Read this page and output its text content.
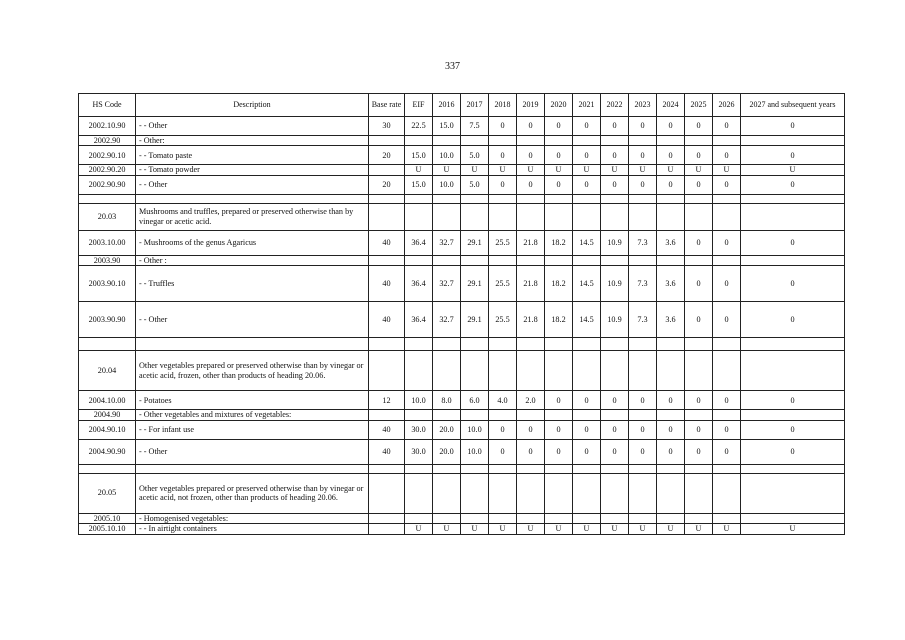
337
HS Code	Description	Base rate	EIF	2016	2017	2018	2019	2020	2021	2022	2023	2024	2025	2026	2027 and subsequent years
2002.10.90	- - Other	30	22.5	15.0	7.5	0	0	0	0	0	0	0	0	0	0
2002.90	- Other:														
2002.90.10	- - Tomato paste	20	15.0	10.0	5.0	0	0	0	0	0	0	0	0	0	0
2002.90.20	- - Tomato powder		U	U	U	U	U	U	U	U	U	U	U	U	U
2002.90.90	- - Other	20	15.0	10.0	5.0	0	0	0	0	0	0	0	0	0	0

20.03	Mushrooms and truffles, prepared or preserved otherwise than by vinegar or acetic acid.														
2003.10.00	- Mushrooms of the genus Agaricus	40	36.4	32.7	29.1	25.5	21.8	18.2	14.5	10.9	7.3	3.6	0	0	0
2003.90	- Other :														
2003.90.10	- - Truffles	40	36.4	32.7	29.1	25.5	21.8	18.2	14.5	10.9	7.3	3.6	0	0	0
2003.90.90	- - Other	40	36.4	32.7	29.1	25.5	21.8	18.2	14.5	10.9	7.3	3.6	0	0	0

20.04	Other vegetables prepared or preserved otherwise than by vinegar or acetic acid, frozen, other than products of heading 20.06.														
2004.10.00	- Potatoes	12	10.0	8.0	6.0	4.0	2.0	0	0	0	0	0	0	0	0
2004.90	- Other vegetables and mixtures of vegetables:														
2004.90.10	- - For infant use	40	30.0	20.0	10.0	0	0	0	0	0	0	0	0	0	0
2004.90.90	- - Other	40	30.0	20.0	10.0	0	0	0	0	0	0	0	0	0	0

20.05	Other vegetables prepared or preserved otherwise than by vinegar or acetic acid, not frozen, other than products of heading 20.06.														
2005.10	- Homogenised vegetables:														
2005.10.10	- - In airtight containers		U	U	U	U	U	U	U	U	U	U	U	U	U
